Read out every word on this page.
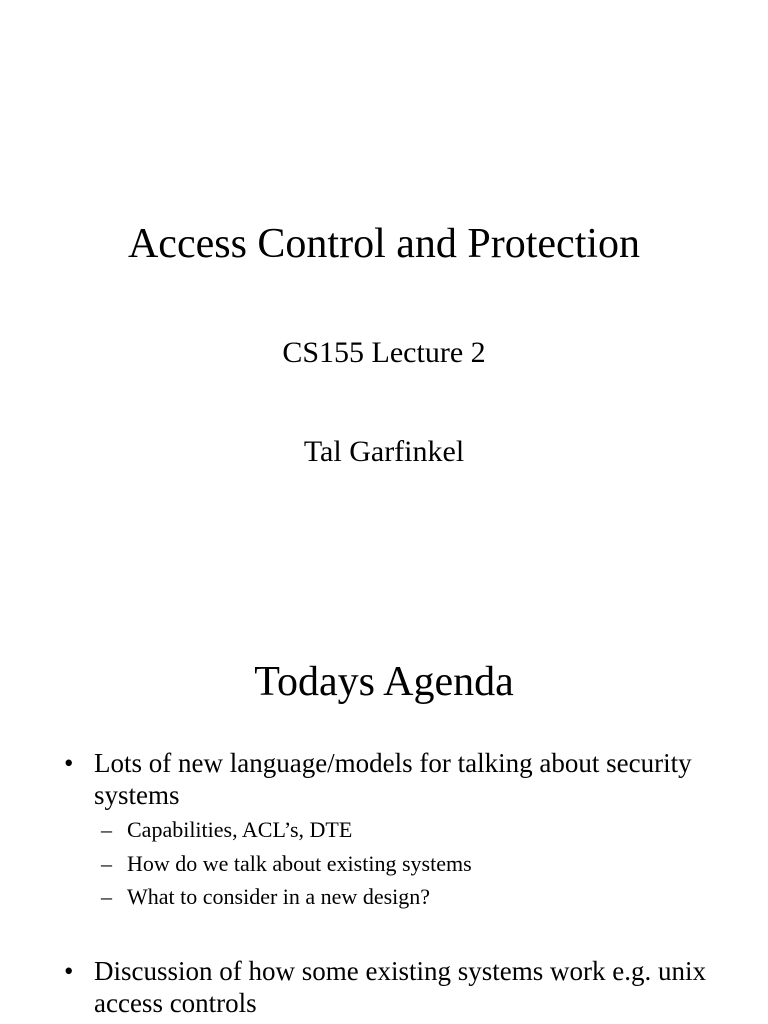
Access Control and Protection
CS155 Lecture 2
Tal Garfinkel
Todays Agenda
• Lots of new language/models for talking about security systems
– Capabilities, ACL’s, DTE
– How do we talk about existing systems
– What to consider in a new design?
• Discussion of how some existing systems work e.g. unix access controls
